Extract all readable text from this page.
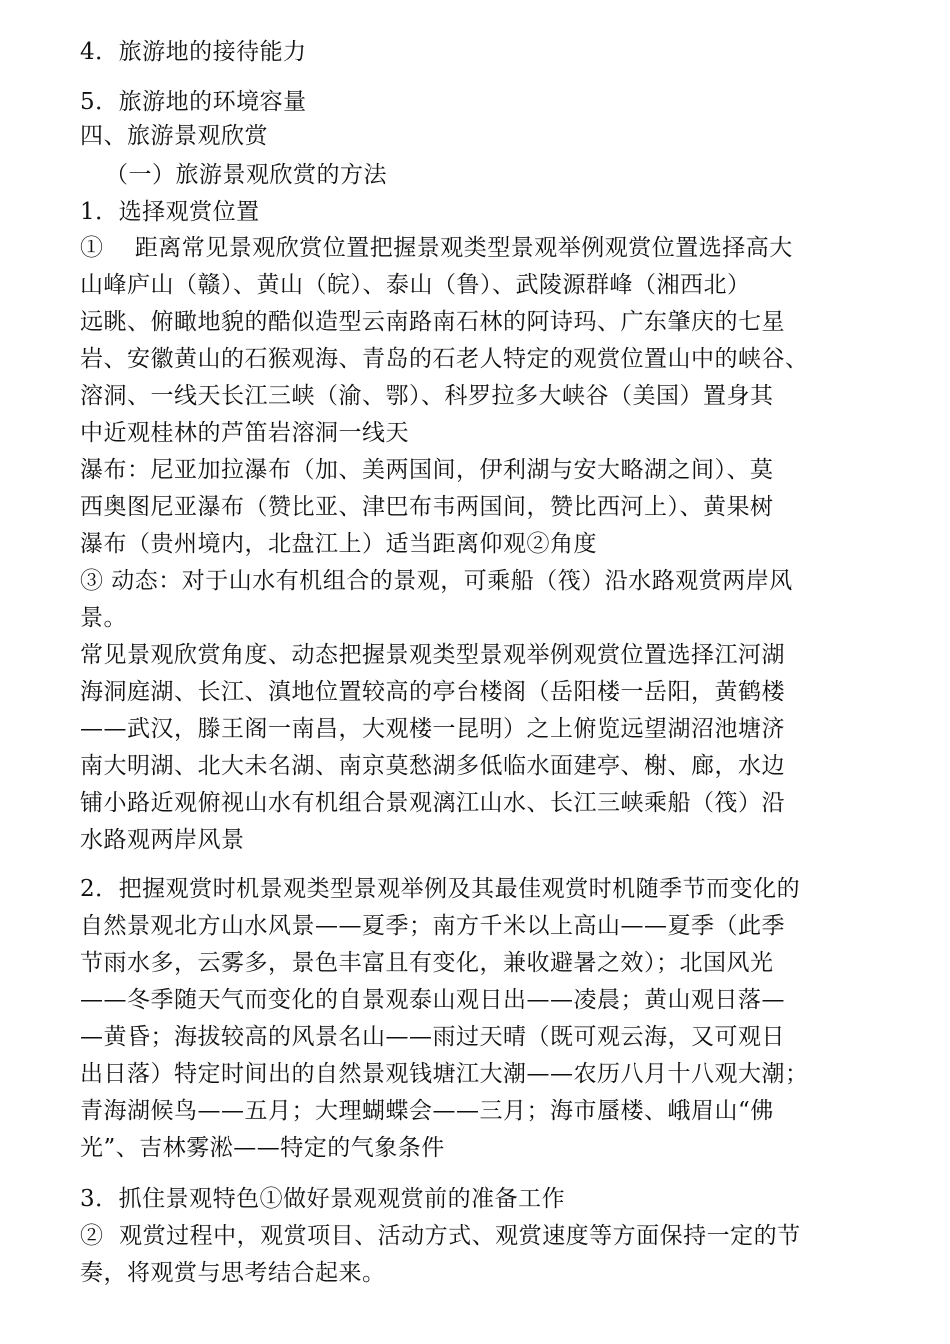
4．旅游地的接待能力
5．旅游地的环境容量
四、旅游景观欣赏
（一）旅游景观欣赏的方法
1．选择观赏位置
①　 距离常见景观欣赏位置把握景观类型景观举例观赏位置选择高大
山峰庐山（赣）、黄山（皖）、泰山（鲁）、武陵源群峰（湘西北）
远眺、俯瞰地貌的酷似造型云南路南石林的阿诗玛、广东肇庆的七星
岩、安徽黄山的石猴观海、青岛的石老人特定的观赏位置山中的峡谷、
溶洞、一线天长江三峡（渝、鄂）、科罗拉多大峡谷（美国）置身其
中近观桂林的芦笛岩溶洞一线天
瀑布：尼亚加拉瀑布（加、美两国间，伊利湖与安大略湖之间）、莫
西奥图尼亚瀑布（赞比亚、津巴布韦两国间，赞比西河上）、黄果树
瀑布（贵州境内，北盘江上）适当距离仰观②角度
③ 动态：对于山水有机组合的景观，可乘船（筏）沿水路观赏两岸风
景。
常见景观欣赏角度、动态把握景观类型景观举例观赏位置选择江河湖
海洞庭湖、长江、滇地位置较高的亭台楼阁（岳阳楼一岳阳，黄鹤楼
——武汉，滕王阁一南昌，大观楼一昆明）之上俯览远望湖沼池塘济
南大明湖、北大未名湖、南京莫愁湖多低临水面建亭、榭、廊，水边
铺小路近观俯视山水有机组合景观漓江山水、长江三峡乘船（筏）沿
水路观两岸风景
2．把握观赏时机景观类型景观举例及其最佳观赏时机随季节而变化的
自然景观北方山水风景——夏季；南方千米以上高山——夏季（此季
节雨水多，云雾多，景色丰富且有变化，兼收避暑之效）；北国风光
——冬季随天气而变化的自景观泰山观日出——凌晨；黄山观日落—
—黄昏；海拔较高的风景名山——雨过天晴（既可观云海，又可观日
出日落）特定时间出的自然景观钱塘江大潮——农历八月十八观大潮；
青海湖候鸟——五月；大理蝴蝶会——三月；海市蜃楼、峨眉山“佛
光”、吉林雾淞——特定的气象条件
3．抓住景观特色①做好景观观赏前的准备工作
②  观赏过程中，观赏项目、活动方式、观赏速度等方面保持一定的节
奏，将观赏与思考结合起来。
